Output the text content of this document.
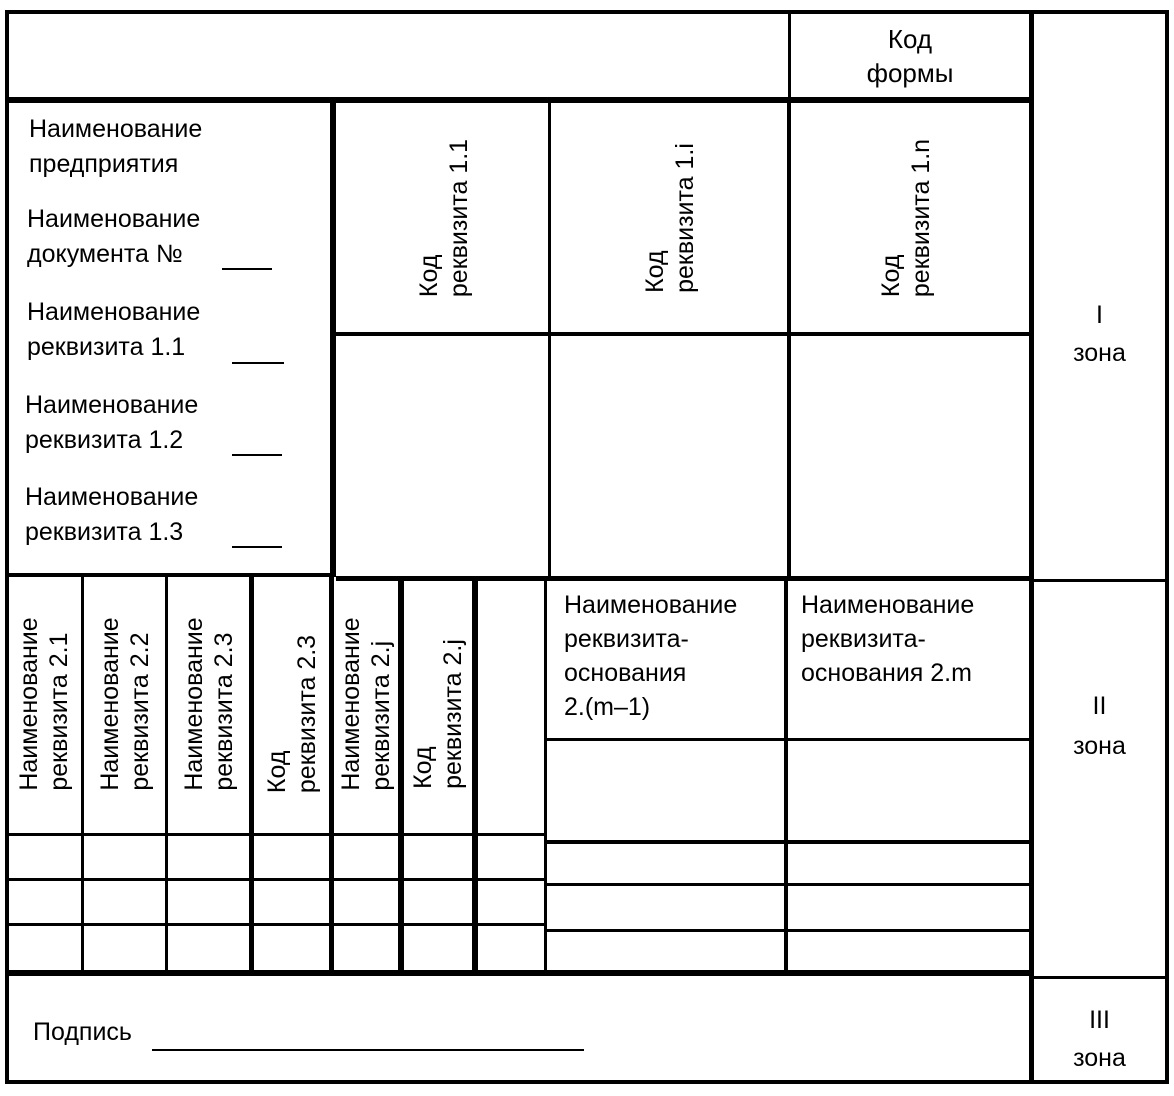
Код
формы
Наименование
предприятия
Наименование
документа №
Наименование
реквизита 1.1
Наименование
реквизита 1.2
Наименование
реквизита 1.3
Код
реквизита 1.1
Код
реквизита 1.i
Код
реквизита 1.n
I
зона
Наименование
реквизита 2.1 Наименование
реквизита 2.2 Наименование
реквизита 2.3
Код
реквизита 2.3 Наименование
реквизита 2.j
Код
реквизита 2.j
Наименование
реквизита-
основания
2.(m–1)
Наименование
реквизита-
основания 2.m
II
зона
Подпись	III
зона
